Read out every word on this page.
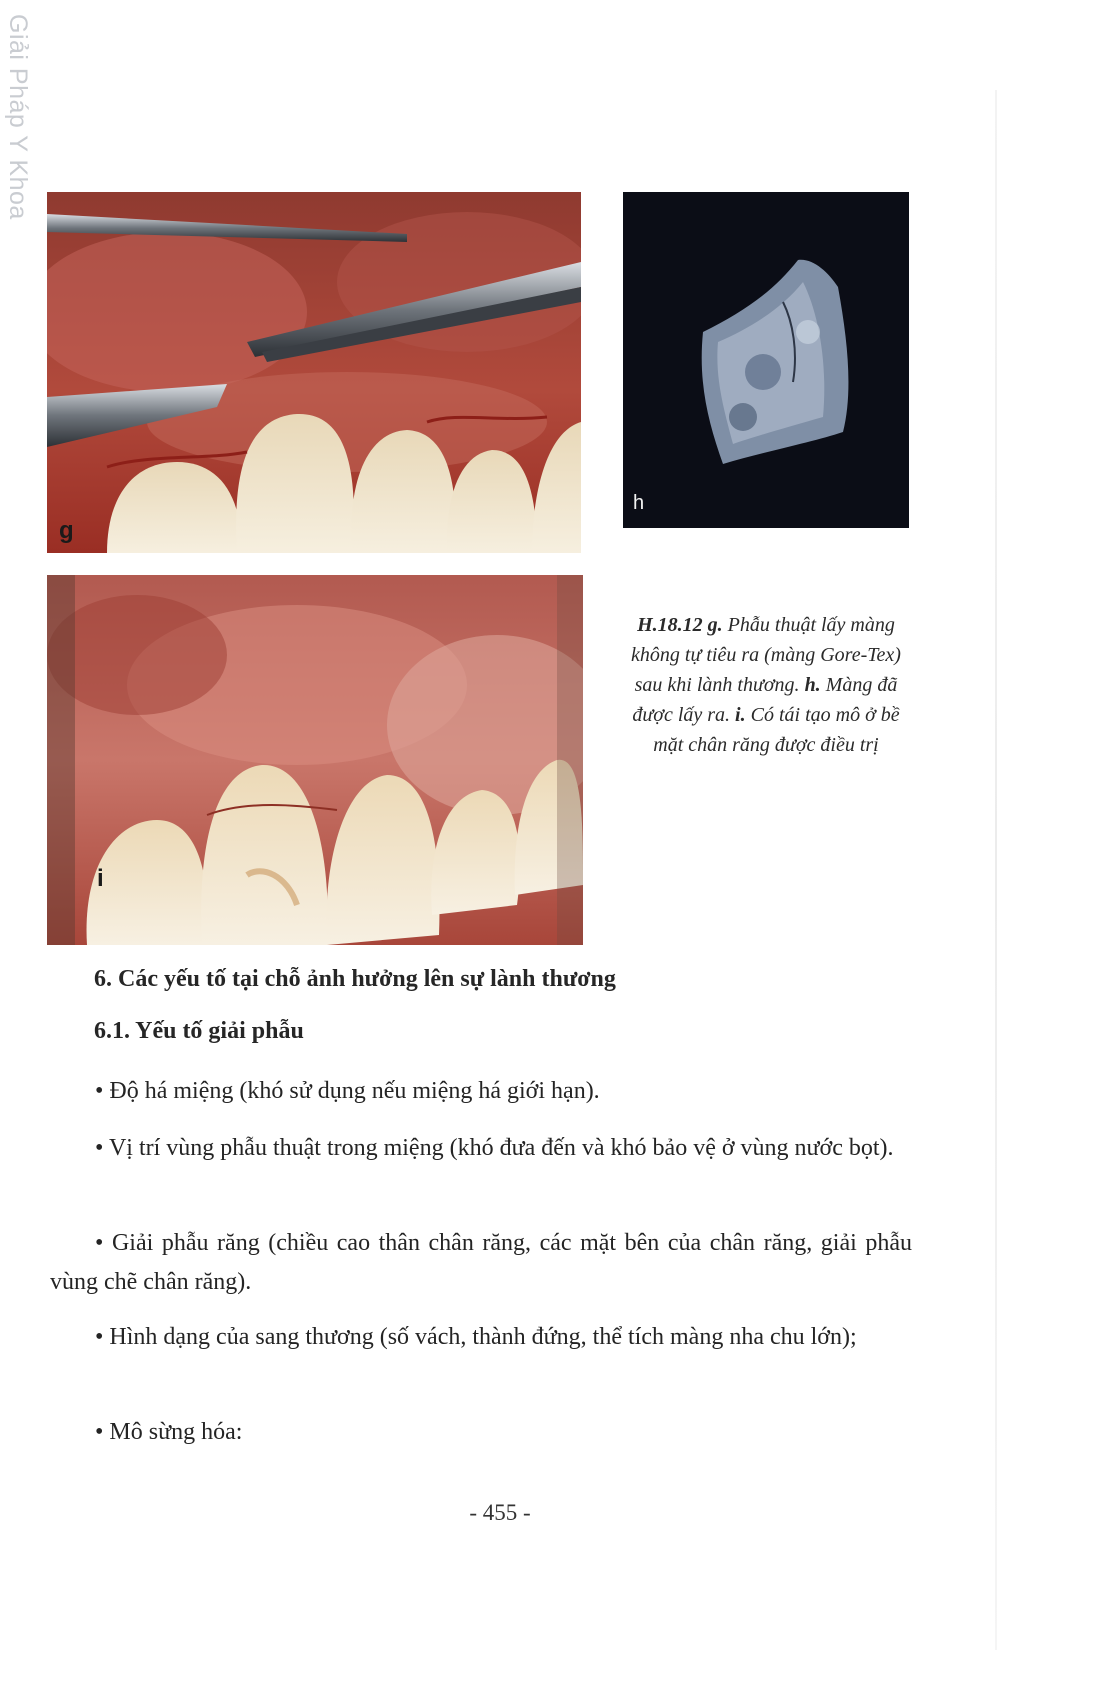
Giải Pháp Y Khoa
g
h
i
H.18.12 g. Phẫu thuật lấy màng không tự tiêu ra (màng Gore-Tex) sau khi lành thương. h. Màng đã được lấy ra. i. Có tái tạo mô ở bề mặt chân răng được điều trị
6. Các yếu tố tại chỗ ảnh hưởng lên sự lành thương
6.1. Yếu tố giải phẫu
• Độ há miệng (khó sử dụng nếu miệng há giới hạn).
• Vị trí vùng phẫu thuật trong miệng (khó đưa đến và khó bảo vệ ở vùng nước bọt).
• Giải phẫu răng (chiều cao thân chân răng, các mặt bên của chân răng, giải phẫu vùng chẽ chân răng).
• Hình dạng của sang thương (số vách, thành đứng, thể tích màng nha chu lớn);
• Mô sừng hóa:
- 455 -
